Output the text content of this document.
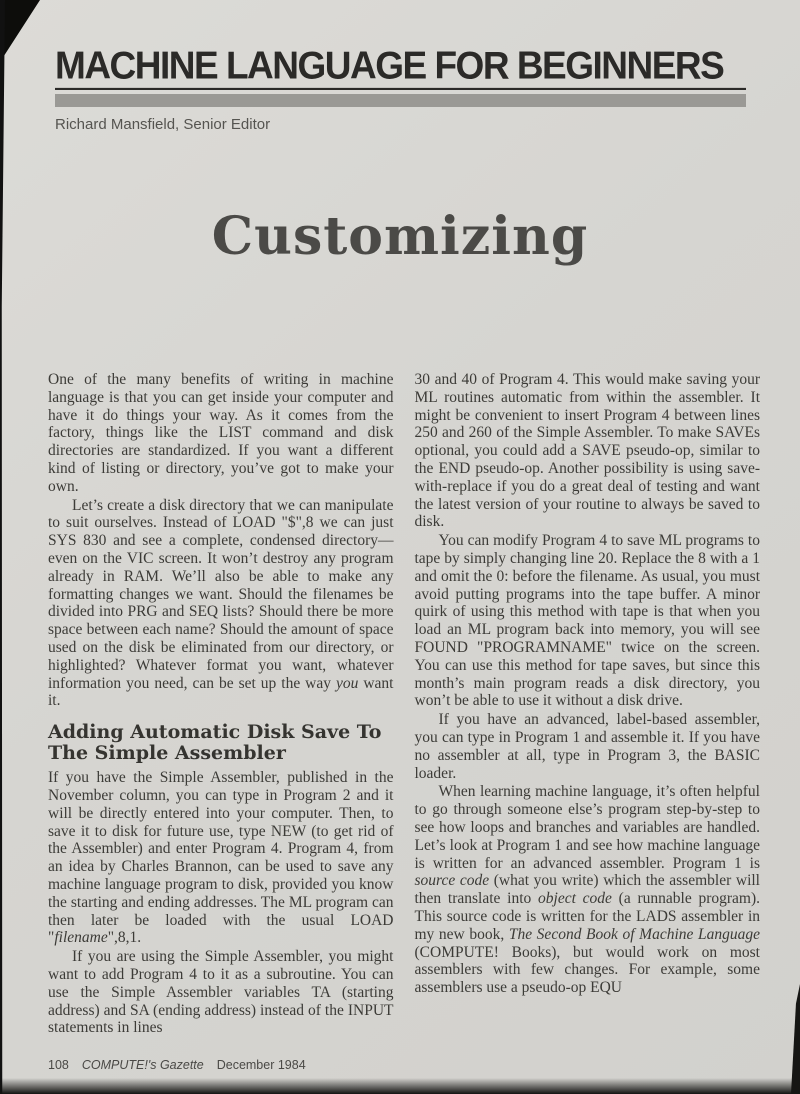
MACHINE LANGUAGE FOR BEGINNERS
Richard Mansfield, Senior Editor
Customizing

One of the many benefits of writing in machine language is that you can get inside your computer and have it do things your way. As it comes from the factory, things like the LIST command and disk directories are standardized. If you want a different kind of listing or directory, you’ve got to make your own.

Let’s create a disk directory that we can manipulate to suit ourselves. Instead of LOAD "$",8 we can just SYS 830 and see a complete, condensed directory—even on the VIC screen. It won’t destroy any program already in RAM. We’ll also be able to make any formatting changes we want. Should the filenames be divided into PRG and SEQ lists? Should there be more space between each name? Should the amount of space used on the disk be eliminated from our directory, or highlighted? Whatever format you want, whatever information you need, can be set up the way you want it.

Adding Automatic Disk Save To The Simple Assembler

If you have the Simple Assembler, published in the November column, you can type in Program 2 and it will be directly entered into your computer. Then, to save it to disk for future use, type NEW (to get rid of the Assembler) and enter Program 4. Program 4, from an idea by Charles Brannon, can be used to save any machine language program to disk, provided you know the starting and ending addresses. The ML program can then later be loaded with the usual LOAD "filename",8,1.

If you are using the Simple Assembler, you might want to add Program 4 to it as a subroutine. You can use the Simple Assembler variables TA (starting address) and SA (ending address) instead of the INPUT statements in lines

30 and 40 of Program 4. This would make saving your ML routines automatic from within the assembler. It might be convenient to insert Program 4 between lines 250 and 260 of the Simple Assembler. To make SAVEs optional, you could add a SAVE pseudo-op, similar to the END pseudo-op. Another possibility is using save-with-replace if you do a great deal of testing and want the latest version of your routine to always be saved to disk.

You can modify Program 4 to save ML programs to tape by simply changing line 20. Replace the 8 with a 1 and omit the 0: before the filename. As usual, you must avoid putting programs into the tape buffer. A minor quirk of using this method with tape is that when you load an ML program back into memory, you will see FOUND "PROGRAMNAME" twice on the screen. You can use this method for tape saves, but since this month’s main program reads a disk directory, you won’t be able to use it without a disk drive.

If you have an advanced, label-based assembler, you can type in Program 1 and assemble it. If you have no assembler at all, type in Program 3, the BASIC loader.

When learning machine language, it’s often helpful to go through someone else’s program step-by-step to see how loops and branches and variables are handled. Let’s look at Program 1 and see how machine language is written for an advanced assembler. Program 1 is source code (what you write) which the assembler will then translate into object code (a runnable program). This source code is written for the LADS assembler in my new book, The Second Book of Machine Language (COMPUTE! Books), but would work on most assemblers with few changes. For example, some assemblers use a pseudo-op EQU

108 COMPUTE!'s Gazette December 1984
